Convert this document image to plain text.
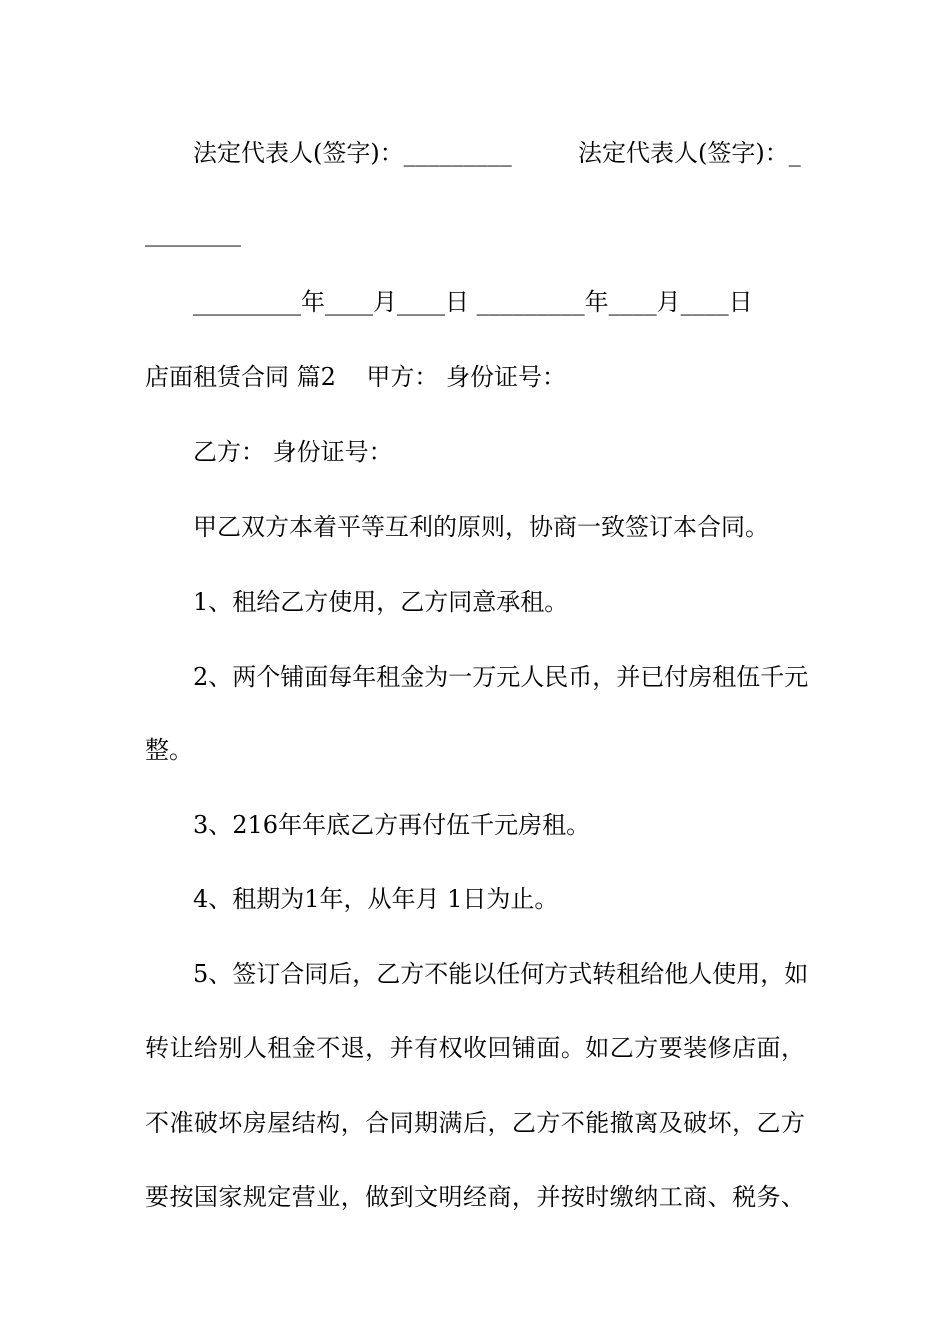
法定代表人(签字)：_________	法定代表人(签字)：_
________
_________年____月____日 _________年____月____日
店面租赁合同 篇2    甲方： 身份证号：
乙方： 身份证号：
甲乙双方本着平等互利的原则，协商一致签订本合同。
1、租给乙方使用，乙方同意承租。
2、两个铺面每年租金为一万元人民币，并已付房租伍千元
整。
3、216年年底乙方再付伍千元房租。
4、租期为1年，从年月 1日为止。
5、签订合同后，乙方不能以任何方式转租给他人使用，如
转让给别人租金不退，并有权收回铺面。如乙方要装修店面，
不准破坏房屋结构，合同期满后，乙方不能撤离及破坏，乙方
要按国家规定营业，做到文明经商，并按时缴纳工商、税务、
